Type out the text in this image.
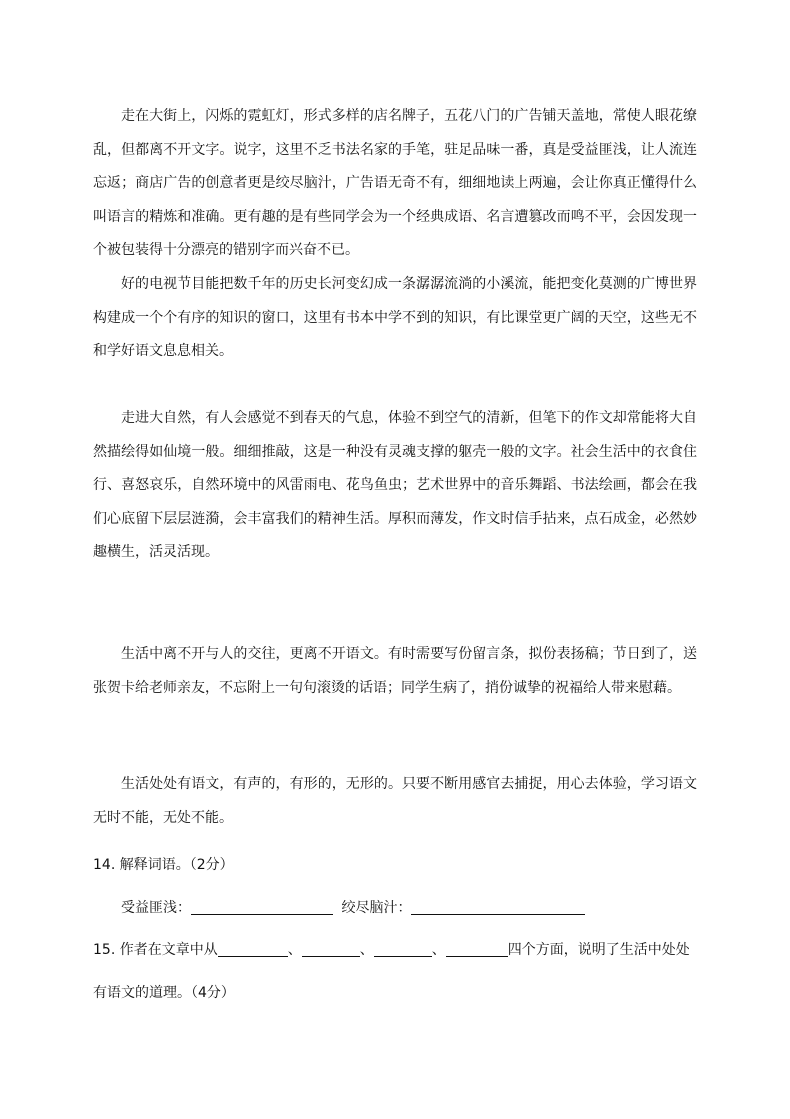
走在大街上，闪烁的霓虹灯，形式多样的店名牌子，五花八门的广告铺天盖地，常使人眼花缭乱，但都离不开文字。说字，这里不乏书法名家的手笔，驻足品味一番，真是受益匪浅，让人流连忘返；商店广告的创意者更是绞尽脑汁，广告语无奇不有，细细地读上两遍，会让你真正懂得什么叫语言的精炼和准确。更有趣的是有些同学会为一个经典成语、名言遭篡改而鸣不平，会因发现一个被包装得十分漂亮的错别字而兴奋不已。

好的电视节目能把数千年的历史长河变幻成一条潺潺流淌的小溪流，能把变化莫测的广博世界构建成一个个有序的知识的窗口，这里有书本中学不到的知识，有比课堂更广阔的天空，这些无不和学好语文息息相关。

走进大自然，有人会感觉不到春天的气息，体验不到空气的清新，但笔下的作文却常能将大自然描绘得如仙境一般。细细推敲，这是一种没有灵魂支撑的躯壳一般的文字。社会生活中的衣食住行、喜怒哀乐，自然环境中的风雷雨电、花鸟鱼虫；艺术世界中的音乐舞蹈、书法绘画，都会在我们心底留下层层涟漪，会丰富我们的精神生活。厚积而薄发，作文时信手拈来，点石成金，必然妙趣横生，活灵活现。

生活中离不开与人的交往，更离不开语文。有时需要写份留言条，拟份表扬稿；节日到了，送张贺卡给老师亲友，不忘附上一句句滚烫的话语；同学生病了，捎份诚挚的祝福给人带来慰藉。

生活处处有语文，有声的，有形的，无形的。只要不断用感官去捕捉，用心去体验，学习语文无时不能，无处不能。

14. 解释词语。（2分）

受益匪浅：	绞尽脑汁：

15. 作者在文章中从	、	、	、	四个方面，说明了生活中处处

有语文的道理。（4分）
